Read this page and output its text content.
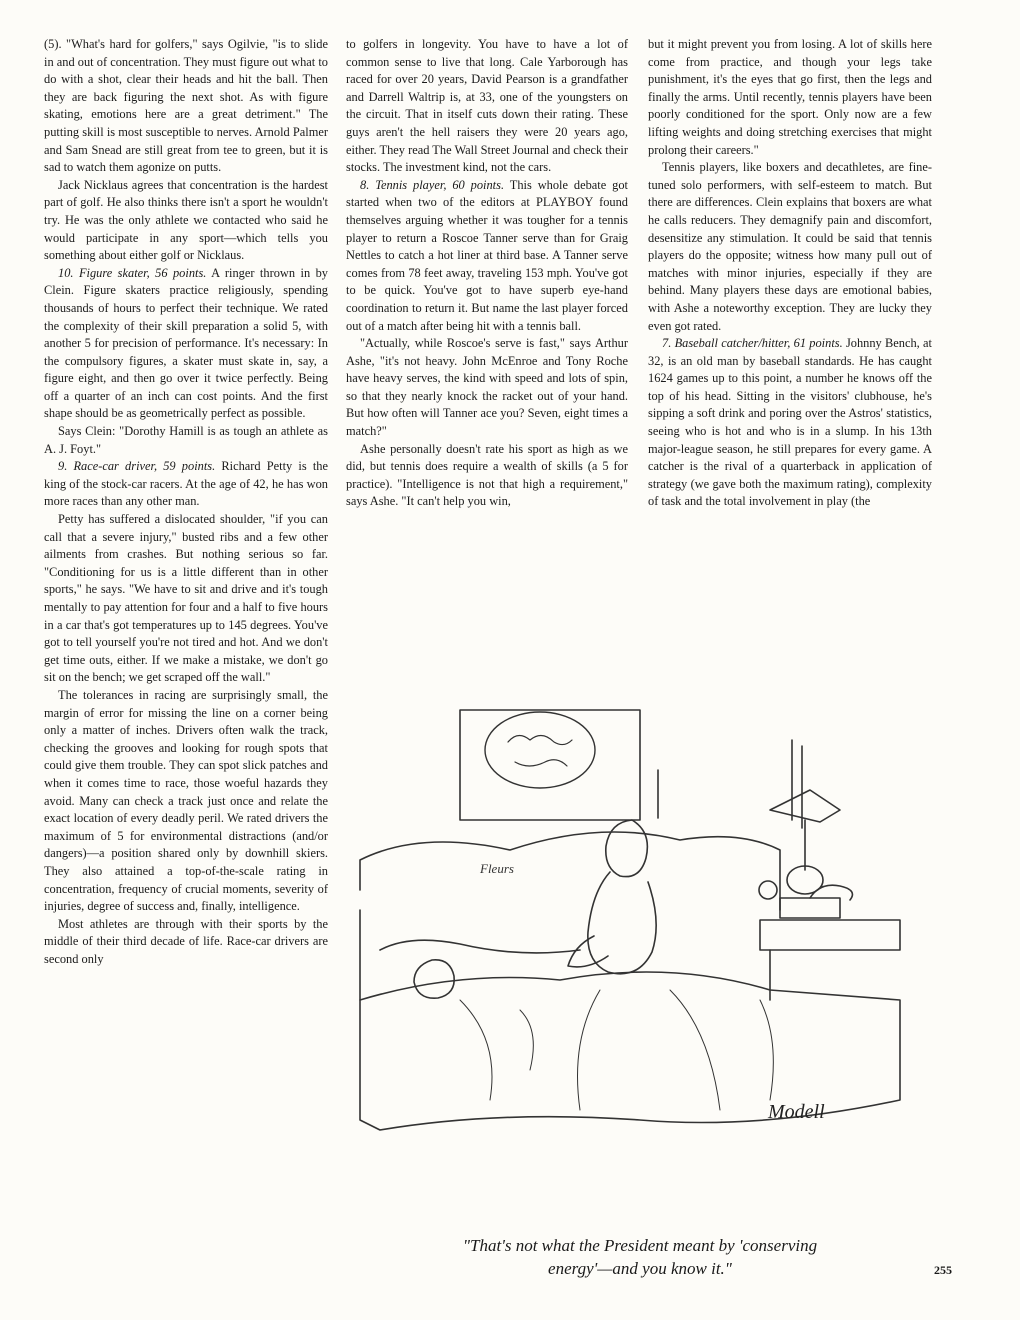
(5). "What's hard for golfers," says Ogilvie, "is to slide in and out of concentration. They must figure out what to do with a shot, clear their heads and hit the ball. Then they are back figuring the next shot. As with figure skating, emotions here are a great detriment." The putting skill is most susceptible to nerves. Arnold Palmer and Sam Snead are still great from tee to green, but it is sad to watch them agonize on putts.

Jack Nicklaus agrees that concentration is the hardest part of golf. He also thinks there isn't a sport he wouldn't try. He was the only athlete we contacted who said he would participate in any sport—which tells you something about either golf or Nicklaus.

10. Figure skater, 56 points. A ringer thrown in by Clein. Figure skaters practice religiously, spending thousands of hours to perfect their technique. We rated the complexity of their skill preparation a solid 5, with another 5 for precision of performance. It's necessary: In the compulsory figures, a skater must skate in, say, a figure eight, and then go over it twice perfectly. Being off a quarter of an inch can cost points. And the first shape should be as geometrically perfect as possible.

Says Clein: "Dorothy Hamill is as tough an athlete as A. J. Foyt."

9. Race-car driver, 59 points. Richard Petty is the king of the stock-car racers. At the age of 42, he has won more races than any other man.

Petty has suffered a dislocated shoulder, "if you can call that a severe injury," busted ribs and a few other ailments from crashes. But nothing serious so far. "Conditioning for us is a little different than in other sports," he says. "We have to sit and drive and it's tough mentally to pay attention for four and a half to five hours in a car that's got temperatures up to 145 degrees. You've got to tell yourself you're not tired and hot. And we don't get time outs, either. If we make a mistake, we don't go sit on the bench; we get scraped off the wall."

The tolerances in racing are surprisingly small, the margin of error for missing the line on a corner being only a matter of inches. Drivers often walk the track, checking the grooves and looking for rough spots that could give them trouble. They can spot slick patches and when it comes time to race, those woeful hazards they avoid. Many can check a track just once and relate the exact location of every deadly peril. We rated drivers the maximum of 5 for environmental distractions (and/or dangers)—a position shared only by downhill skiers. They also attained a top-of-the-scale rating in concentration, frequency of crucial moments, severity of injuries, degree of success and, finally, intelligence.

Most athletes are through with their sports by the middle of their third decade of life. Race-car drivers are second only

to golfers in longevity. You have to have a lot of common sense to live that long. Cale Yarborough has raced for over 20 years, David Pearson is a grandfather and Darrell Waltrip is, at 33, one of the youngsters on the circuit. That in itself cuts down their rating. These guys aren't the hell raisers they were 20 years ago, either. They read The Wall Street Journal and check their stocks. The investment kind, not the cars.

8. Tennis player, 60 points. This whole debate got started when two of the editors at PLAYBOY found themselves arguing whether it was tougher for a tennis player to return a Roscoe Tanner serve than for Graig Nettles to catch a hot liner at third base. A Tanner serve comes from 78 feet away, traveling 153 mph. You've got to be quick. You've got to have superb eye-hand coordination to return it. But name the last player forced out of a match after being hit with a tennis ball.

"Actually, while Roscoe's serve is fast," says Arthur Ashe, "it's not heavy. John McEnroe and Tony Roche have heavy serves, the kind with speed and lots of spin, so that they nearly knock the racket out of your hand. But how often will Tanner ace you? Seven, eight times a match?"

Ashe personally doesn't rate his sport as high as we did, but tennis does require a wealth of skills (a 5 for practice). "Intelligence is not that high a requirement," says Ashe. "It can't help you win,

but it might prevent you from losing. A lot of skills here come from practice, and though your legs take punishment, it's the eyes that go first, then the legs and finally the arms. Until recently, tennis players have been poorly conditioned for the sport. Only now are a few lifting weights and doing stretching exercises that might prolong their careers."

Tennis players, like boxers and decathletes, are fine-tuned solo performers, with self-esteem to match. But there are differences. Clein explains that boxers are what he calls reducers. They demagnify pain and discomfort, desensitize any stimulation. It could be said that tennis players do the opposite; witness how many pull out of matches with minor injuries, especially if they are behind. Many players these days are emotional babies, with Ashe a noteworthy exception. They are lucky they even got rated.

7. Baseball catcher/hitter, 61 points. Johnny Bench, at 32, is an old man by baseball standards. He has caught 1624 games up to this point, a number he knows off the top of his head. Sitting in the visitors' clubhouse, he's sipping a soft drink and poring over the Astros' statistics, seeing who is hot and who is in a slump. In his 13th major-league season, he still prepares for every game. A catcher is the rival of a quarterback in application of strategy (we gave both the maximum rating), complexity of task and the total involvement in play (the

Fleurs
Modell
"That's not what the President meant by 'conserving
energy'—and you know it."	255
